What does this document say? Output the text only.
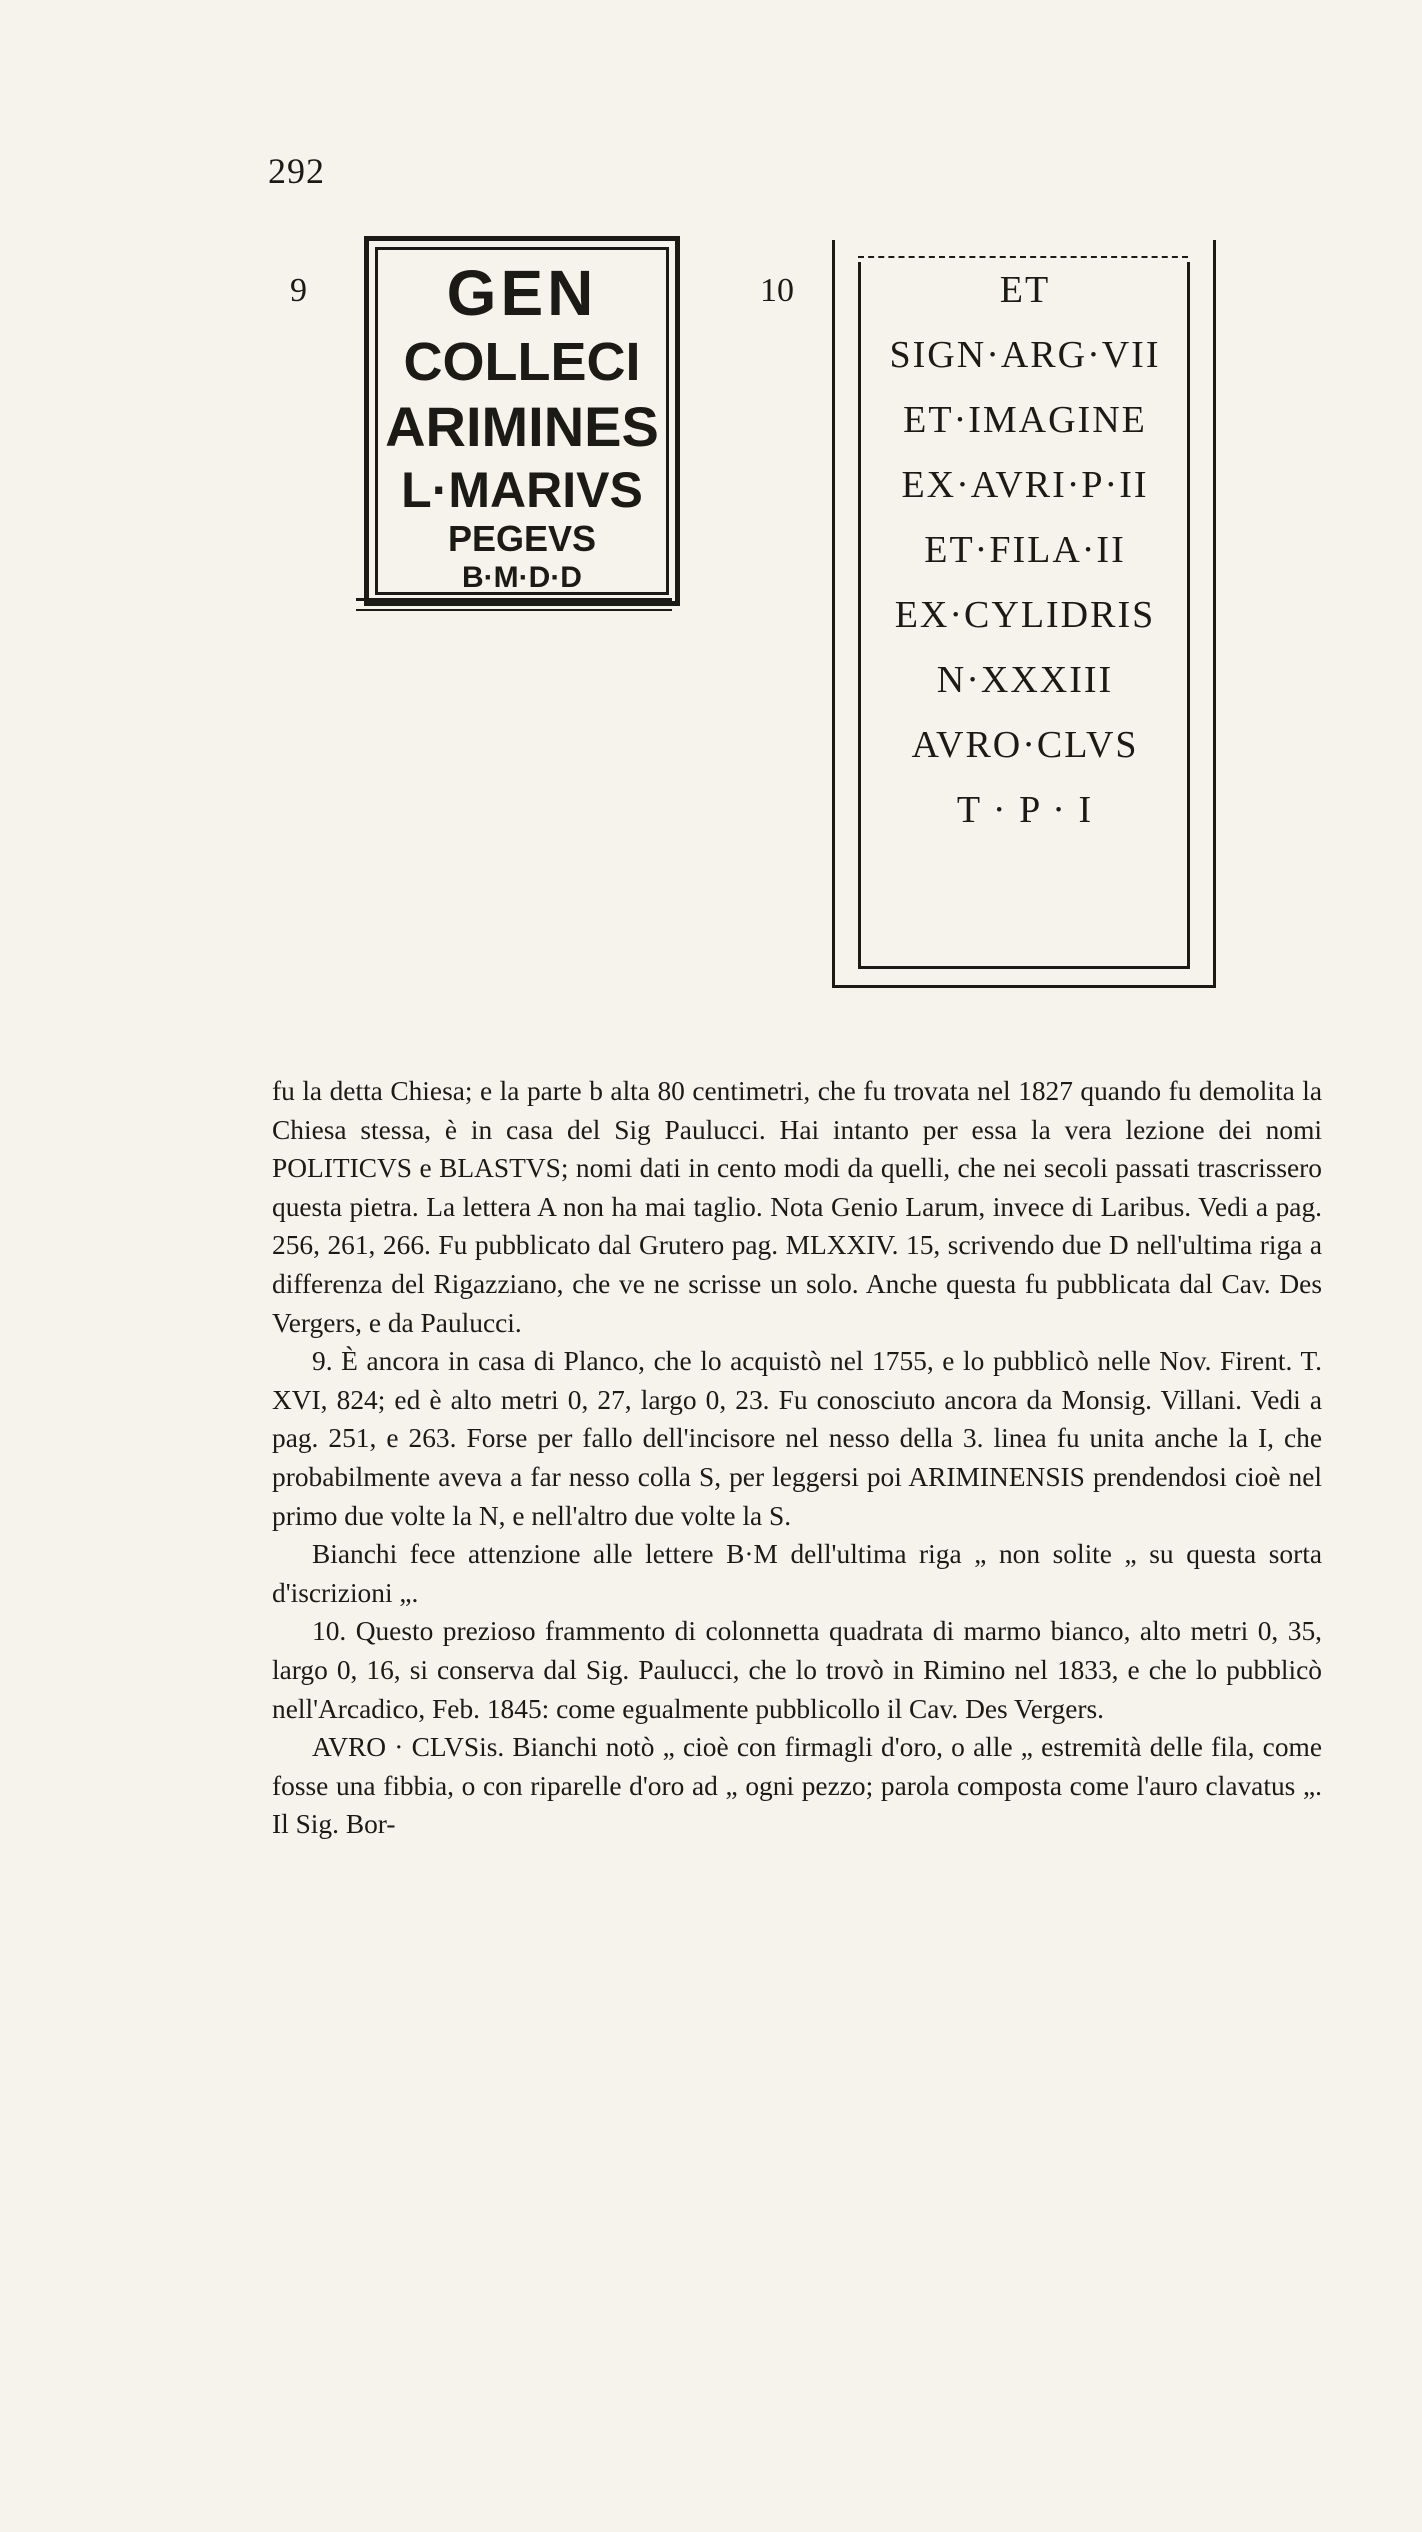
292
9	10
GEN
COLLECI
ARIMINES
L·MARIVS
PEGEVS
B·M·D·D
ET
SIGN·ARG·VII
ET·IMAGINE
EX·AVRI·P·II
ET·FILA·II
EX·CYLIDRIS
N·XXXIII
AVRO·CLVS
T · P · I

fu la detta Chiesa; e la parte b alta 80 centimetri, che fu trovata nel 1827 quando fu demolita la Chiesa stessa, è in casa del Sig Paulucci. Hai intanto per essa la vera lezione dei nomi POLITICVS e BLASTVS; nomi dati in cento modi da quelli, che nei secoli passati trascrissero questa pietra. La lettera A non ha mai taglio. Nota Genio Larum, invece di Laribus. Vedi a pag. 256, 261, 266. Fu pubblicato dal Grutero pag. MLXXIV. 15, scrivendo due D nell'ultima riga a differenza del Rigazziano, che ve ne scrisse un solo. Anche questa fu pubblicata dal Cav. Des Vergers, e da Paulucci.

9. È ancora in casa di Planco, che lo acquistò nel 1755, e lo pubblicò nelle Nov. Firent. T. XVI, 824; ed è alto metri 0, 27, largo 0, 23. Fu conosciuto ancora da Monsig. Villani. Vedi a pag. 251, e 263. Forse per fallo dell'incisore nel nesso della 3. linea fu unita anche la I, che probabilmente aveva a far nesso colla S, per leggersi poi ARIMINENSIS prendendosi cioè nel primo due volte la N, e nell'altro due volte la S.

Bianchi fece attenzione alle lettere B·M dell'ultima riga „ non solite „ su questa sorta d'iscrizioni „.

10. Questo prezioso frammento di colonnetta quadrata di marmo bianco, alto metri 0, 35, largo 0, 16, si conserva dal Sig. Paulucci, che lo trovò in Rimino nel 1833, e che lo pubblicò nell'Arcadico, Feb. 1845: come egualmente pubblicollo il Cav. Des Vergers.

AVRO · CLVSis. Bianchi notò „ cioè con firmagli d'oro, o alle „ estremità delle fila, come fosse una fibbia, o con riparelle d'oro ad „ ogni pezzo; parola composta come l'auro clavatus „. Il Sig. Bor-
